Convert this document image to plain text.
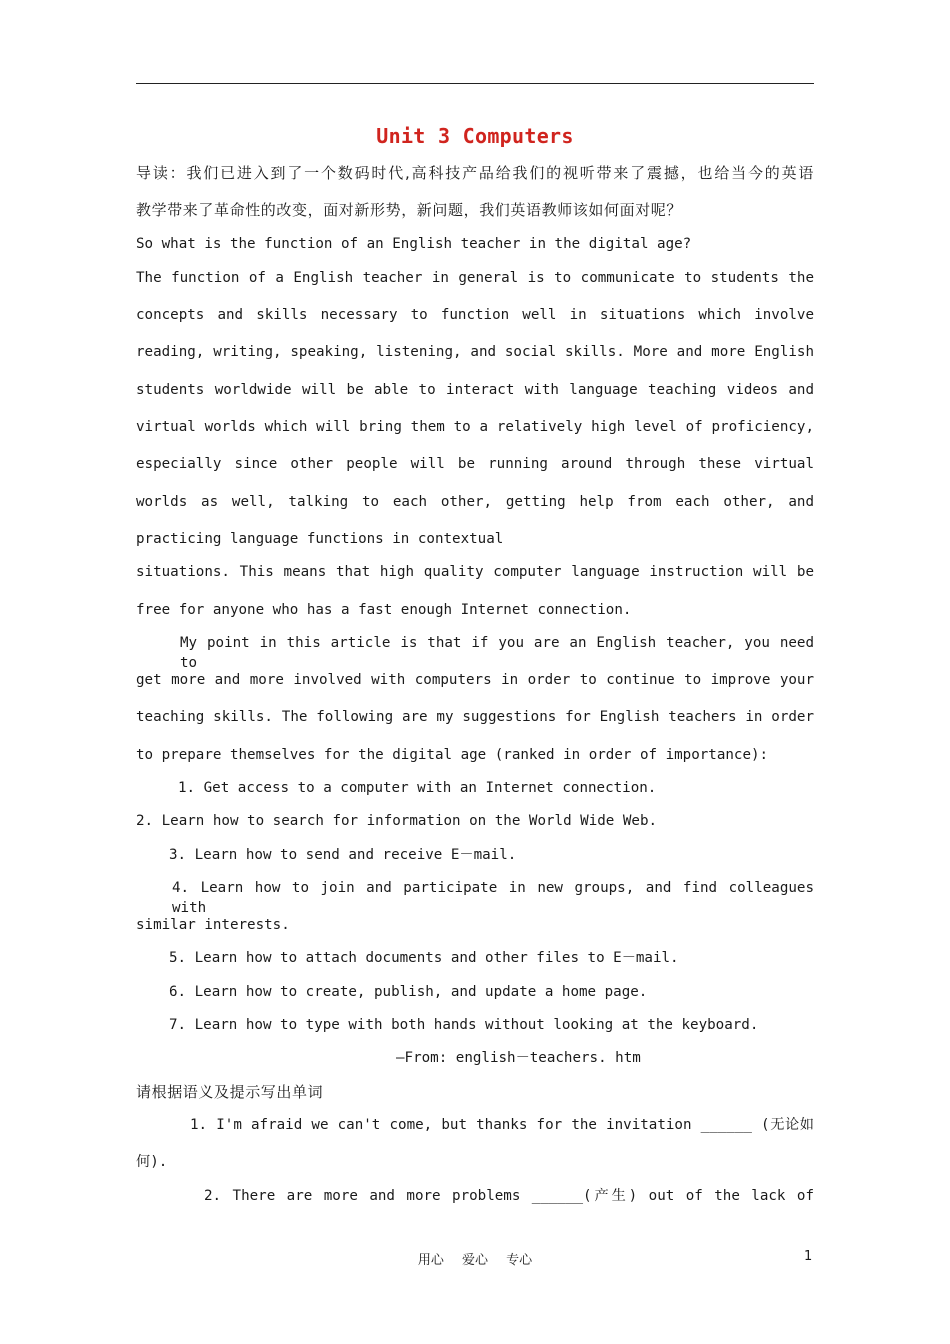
Unit 3 Computers
导读：我们已进入到了一个数码时代,高科技产品给我们的视听带来了震撼，也给当今的英语
教学带来了革命性的改变，面对新形势，新问题，我们英语教师该如何面对呢？
So what is the function of an English teacher in the digital age?
The function of a English teacher in general is to communicate to students the
concepts and skills necessary to function well in situations which involve
reading, writing, speaking, listening, and social skills. More and more English
students worldwide will be able to interact with language teaching videos and
virtual worlds which will bring them to a relatively high level of proficiency,
especially since other people will be running around through these virtual
worlds as well, talking to each other, getting help from each other, and
practicing language functions in contextual
situations. This means that high quality computer language instruction will be
free for anyone who has a fast enough Internet connection.
My point in this article is that if you are an English teacher, you need to
get more and more involved with computers in order to continue to improve your
teaching skills. The following are my suggestions for English teachers in order
to prepare themselves for the digital age (ranked in order of importance):
1. Get access to a computer with an Internet connection.
2. Learn how to search for information on the World Wide Web.
3. Learn how to send and receive E－mail.
4. Learn how to join and participate in new groups, and find colleagues with
similar interests.
5. Learn how to attach documents and other files to E－mail.
6. Learn how to create, publish, and update a home page.
7. Learn how to type with both hands without looking at the keyboard.
—From: english－teachers. htm
请根据语义及提示写出单词
1. I'm afraid we can't come, but thanks for the invitation ______ (无论如
何).
2. There are more and more problems ______(产生) out of the lack of
用心 爱心 专心	1
